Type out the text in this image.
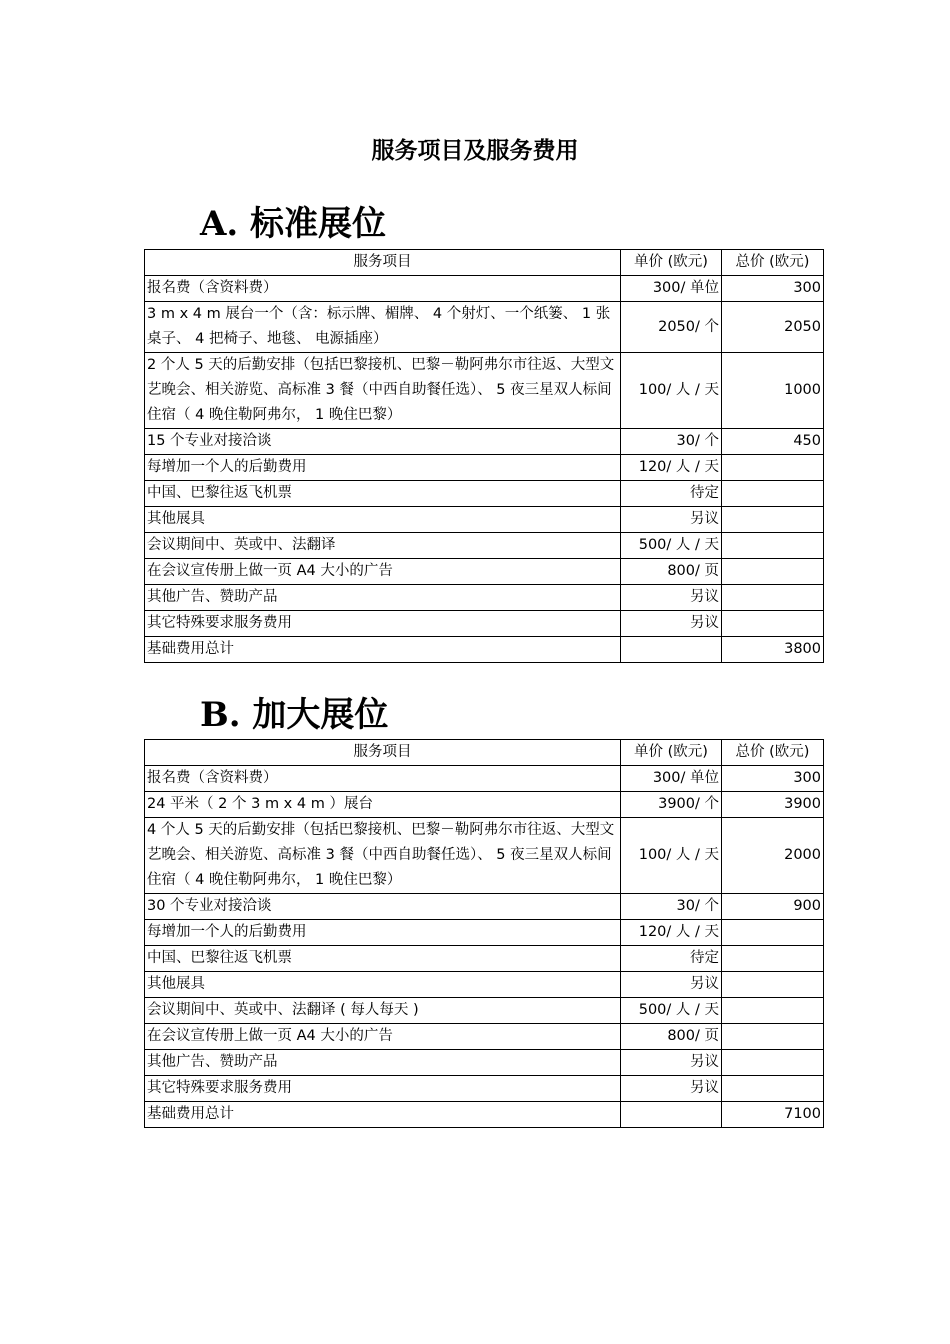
服务项目及服务费用
A. 标准展位
服务项目	单价 (欧元)	总价 (欧元)
报名费（含资料费）	300/ 单位	300
3 m x 4 m 展台一个（含：标示牌、楣牌、 4 个射灯、一个纸篓、 1 张桌子、 4 把椅子、地毯、 电源插座）	2050/ 个	2050
2 个人 5 天的后勤安排（包括巴黎接机、巴黎－勒阿弗尔市往返、大型文艺晚会、相关游览、高标准 3 餐（中西自助餐任选）、 5 夜三星双人标间住宿（ 4 晚住勒阿弗尔， 1 晚住巴黎）	100/ 人 / 天	1000
15 个专业对接洽谈	30/ 个	450
每增加一个人的后勤费用	120/ 人 / 天	
中国、巴黎往返飞机票	待定	
其他展具	另议	
会议期间中、英或中、法翻译	500/ 人 / 天	
在会议宣传册上做一页 A4 大小的广告	800/ 页	
其他广告、赞助产品	另议	
其它特殊要求服务费用	另议	
基础费用总计		3800
B. 加大展位
服务项目	单价 (欧元)	总价 (欧元)
报名费（含资料费）	300/ 单位	300
24 平米（ 2 个 3 m x 4 m ）展台	3900/ 个	3900
4 个人 5 天的后勤安排（包括巴黎接机、巴黎－勒阿弗尔市往返、大型文艺晚会、相关游览、高标准 3 餐（中西自助餐任选）、 5 夜三星双人标间住宿（ 4 晚住勒阿弗尔， 1 晚住巴黎）	100/ 人 / 天	2000
30 个专业对接洽谈	30/ 个	900
每增加一个人的后勤费用	120/ 人 / 天	
中国、巴黎往返飞机票	待定	
其他展具	另议	
会议期间中、英或中、法翻译 ( 每人每天 )	500/ 人 / 天	
在会议宣传册上做一页 A4 大小的广告	800/ 页	
其他广告、赞助产品	另议	
其它特殊要求服务费用	另议	
基础费用总计		7100
